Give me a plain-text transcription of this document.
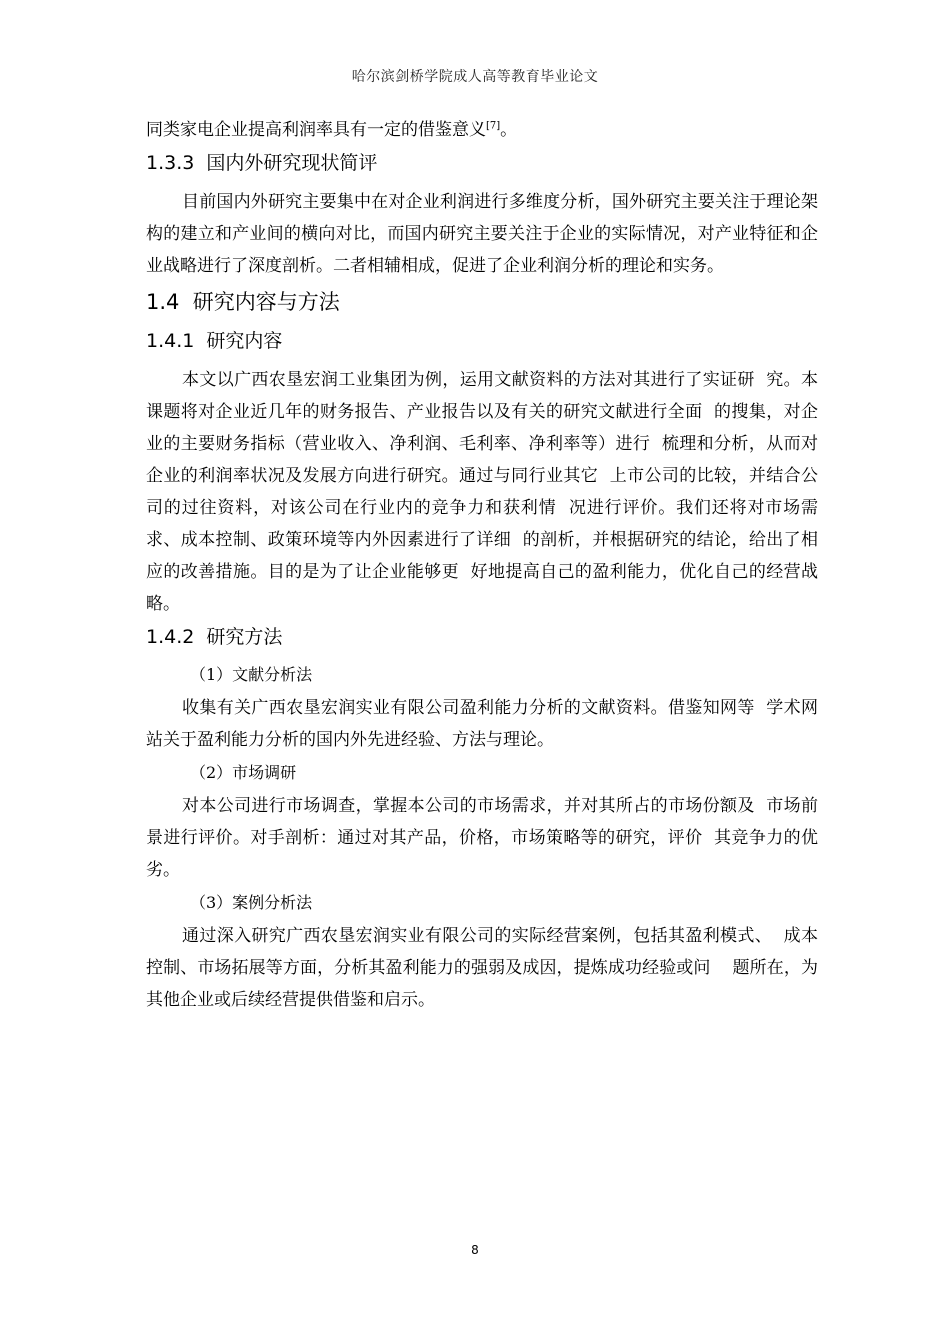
哈尔滨剑桥学院成人高等教育毕业论文

同类家电企业提高利润率具有一定的借鉴意义[7]。

1.3.3  国内外研究现状简评

目前国内外研究主要集中在对企业利润进行多维度分析，国外研究主要关注于理论架构的建立和产业间的横向对比，而国内研究主要关注于企业的实际情况，对产业特征和企业战略进行了深度剖析。二者相辅相成，促进了企业利润分析的理论和实务。

1.4  研究内容与方法
1.4.1  研究内容

本文以广西农垦宏润工业集团为例，运用文献资料的方法对其进行了实证研  究。本课题将对企业近几年的财务报告、产业报告以及有关的研究文献进行全面  的搜集，对企业的主要财务指标（营业收入、净利润、毛利率、净利率等）进行  梳理和分析，从而对企业的利润率状况及发展方向进行研究。通过与同行业其它  上市公司的比较，并结合公司的过往资料，对该公司在行业内的竞争力和获利情  况进行评价。我们还将对市场需求、成本控制、政策环境等内外因素进行了详细  的剖析，并根据研究的结论，给出了相应的改善措施。目的是为了让企业能够更  好地提高自己的盈利能力，优化自己的经营战略。

1.4.2  研究方法
（1）文献分析法

收集有关广西农垦宏润实业有限公司盈利能力分析的文献资料。借鉴知网等  学术网站关于盈利能力分析的国内外先进经验、方法与理论。

（2）市场调研

对本公司进行市场调查，掌握本公司的市场需求，并对其所占的市场份额及  市场前景进行评价。对手剖析：通过对其产品，价格，市场策略等的研究，评价  其竞争力的优劣。

（3）案例分析法

通过深入研究广西农垦宏润实业有限公司的实际经营案例，包括其盈利模式、  成本控制、市场拓展等方面，分析其盈利能力的强弱及成因，提炼成功经验或问    题所在，为其他企业或后续经营提供借鉴和启示。

8
